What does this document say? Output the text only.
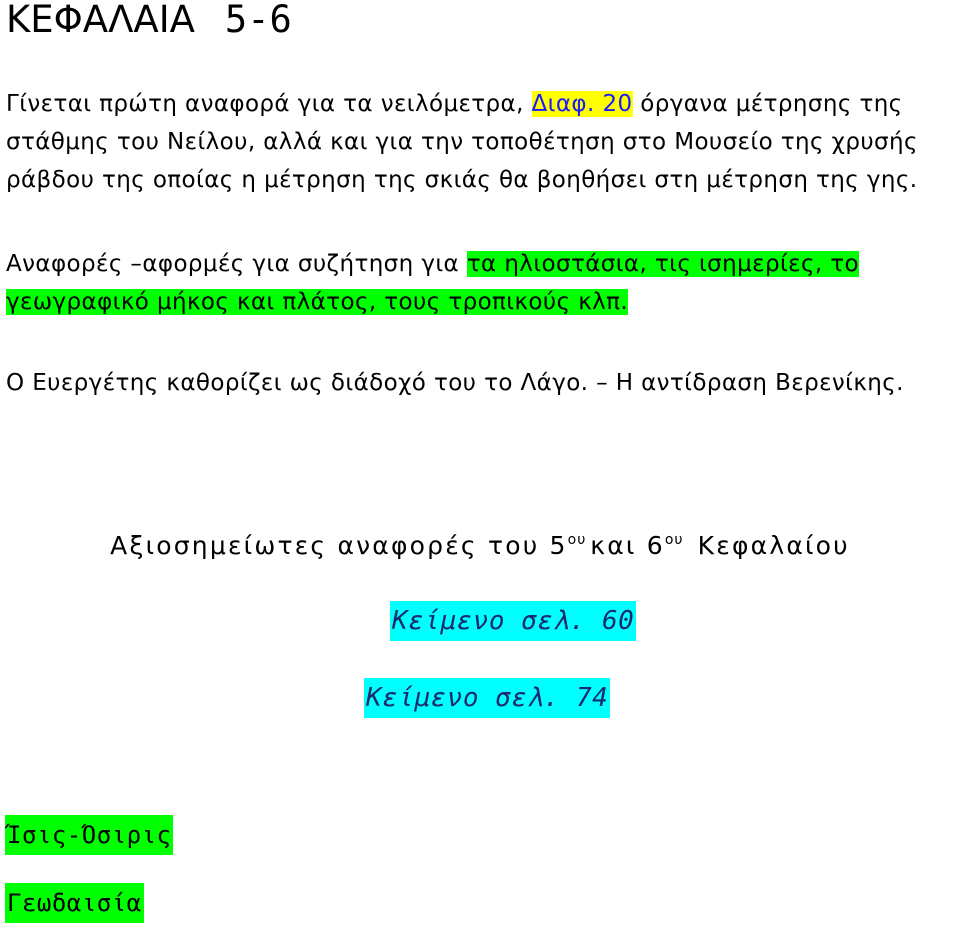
ΚΕΦΑΛΑΙΑ 5-6
Γίνεται πρώτη αναφορά για τα νειλόμετρα, Διαφ. 20 όργανα μέτρησης της στάθμης του Νείλου, αλλά και για την τοποθέτηση στο Μουσείο της χρυσής ράβδου της οποίας η μέτρηση της σκιάς θα βοηθήσει στη μέτρηση της γης.
Αναφορές –αφορμές για συζήτηση για τα ηλιοστάσια, τις ισημερίες, το γεωγραφικό μήκος και πλάτος, τους τροπικούς κλπ.
Ο Ευεργέτης καθορίζει ως διάδοχό του το Λάγο. – Η αντίδραση Βερενίκης.
Αξιοσημείωτες αναφορές του $5^{o\upsilon}$ και $6^{o\upsilon}$ Κεφαλαίου
Κείμενο σελ. 60
Κείμενο σελ. 74
Ίσις-Όσιρις
Γεωδαισία
